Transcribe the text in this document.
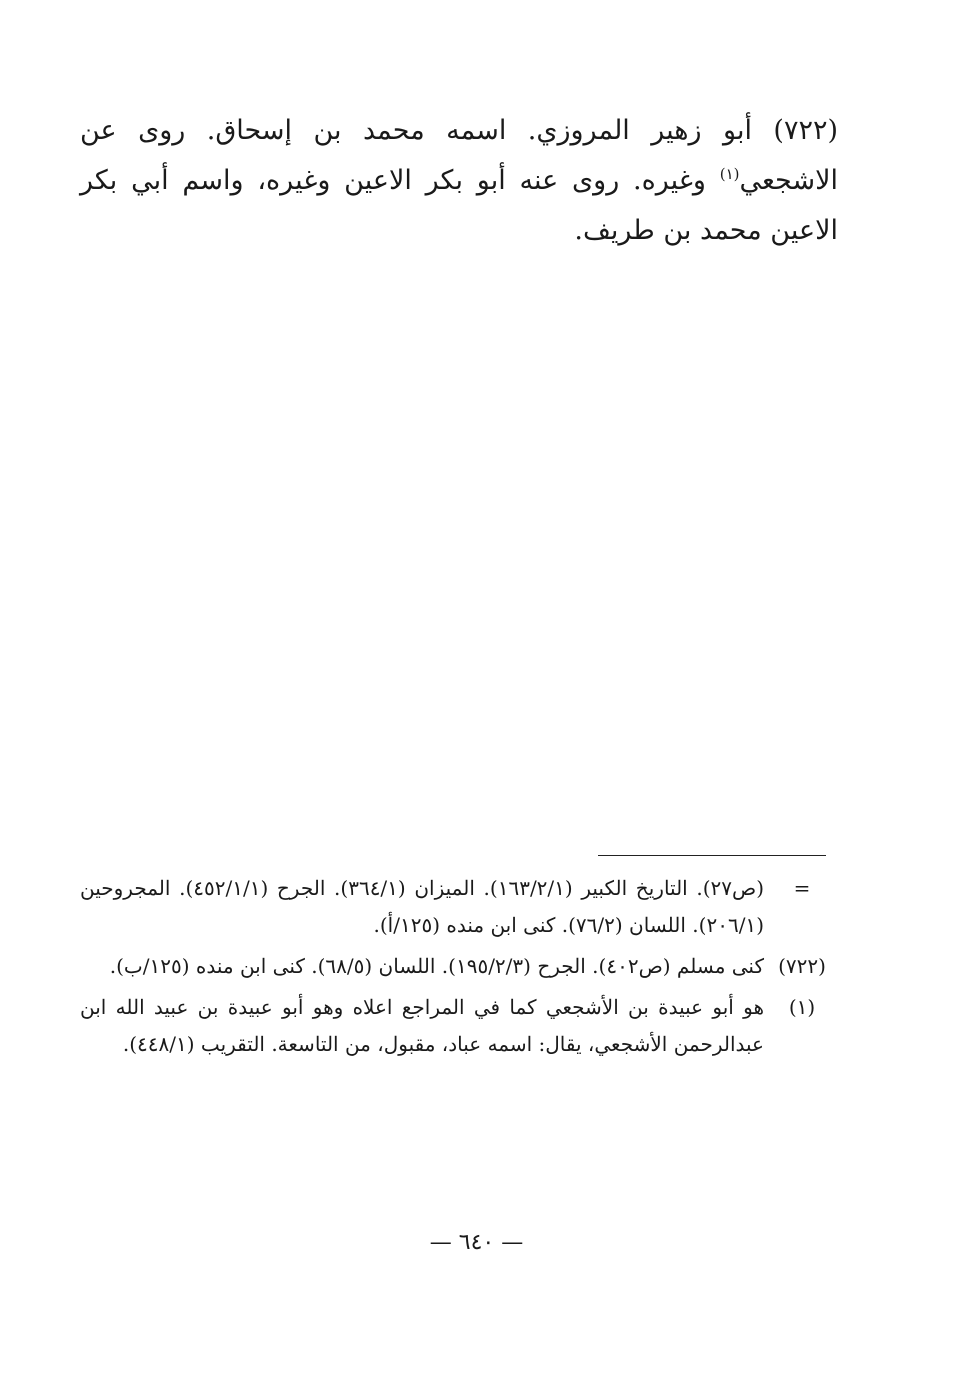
(٧٢٢) أبو زهير المروزي. اسمه محمد بن إسحاق. روى عن الاشجعي$^{(١)}$ وغيره. روى عنه أبو بكر الاعين وغيره، واسم أبي بكر الاعين محمد بن طريف.
=
(ص٢٧). التاريخ الكبير (١٦٣/٢/١). الميزان (٣٦٤/١). الجرح (٤٥٢/١/١). المجروحين (٢٠٦/١). اللسان (٧٦/٢). كنى ابن منده (١٢٥/أ).
(٧٢٢)
كنى مسلم (ص٤٠٢). الجرح (١٩٥/٢/٣). اللسان (٦٨/٥). كنى ابن منده (١٢٥/ب).
(١)
هو أبو عبيدة بن الأشجعي كما في المراجع اعلاه وهو أبو عبيدة بن عبيد الله ابن عبدالرحمن الأشجعي، يقال: اسمه عباد، مقبول، من التاسعة. التقريب (٤٤٨/١).
— ٦٤٠ —
